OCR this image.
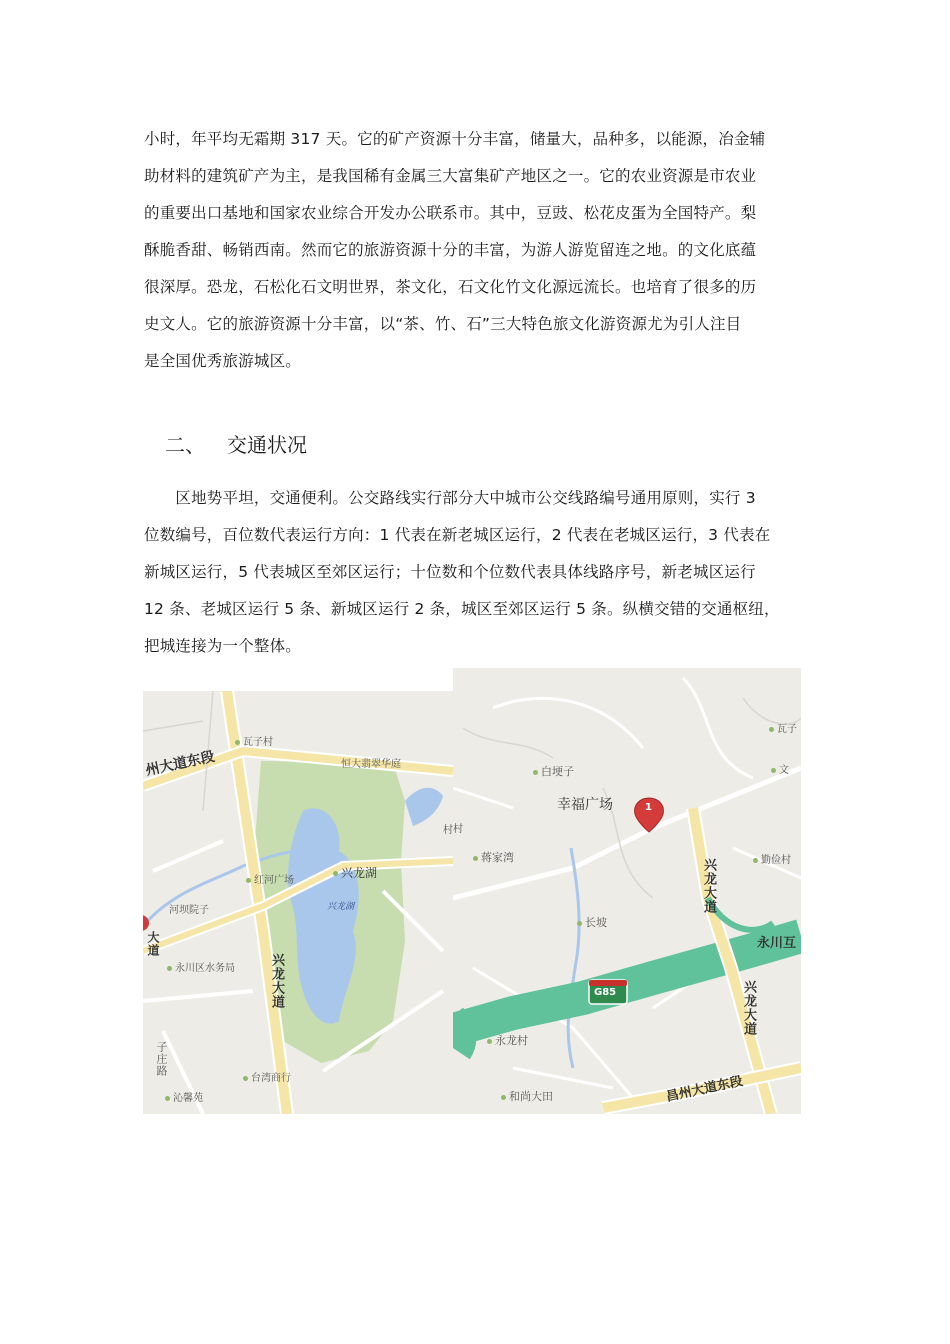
小时，年平均无霜期 317 天。它的矿产资源十分丰富，储量大，品种多，以能源，冶金辅
助材料的建筑矿产为主，是我国稀有金属三大富集矿产地区之一。它的农业资源是市农业
的重要出口基地和国家农业综合开发办公联系市。其中，豆豉、松花皮蛋为全国特产。梨
酥脆香甜、畅销西南。然而它的旅游资源十分的丰富，为游人游览留连之地。的文化底蕴
很深厚。恐龙，石松化石文明世界，茶文化，石文化竹文化源远流长。也培育了很多的历
史文人。它的旅游资源十分丰富，以“茶、竹、石”三大特色旅文化游资源尤为引人注目
是全国优秀旅游城区。
二、 交通状况
　　区地势平坦，交通便利。公交路线实行部分大中城市公交线路编号通用原则，实行 3
位数编号，百位数代表运行方向：1 代表在新老城区运行，2 代表在老城区运行，3 代表在
新城区运行，5 代表城区至郊区运行；十位数和个位数代表具体线路序号，新老城区运行
12 条、老城区运行 5 条、新城区运行 2 条，城区至郊区运行 5 条。纵横交错的交通枢纽，
把城连接为一个整体。
瓦子村
州大道东段	恒大翡翠华庭
红河广场
兴龙湖
兴龙湖
河坝院子
大道
永川区水务局	兴龙大道
子庄路
台湾商行
沁馨苑
村
瓦子
文
白埂子
幸福广场	1
村
蒋家湾	勤俭村
兴龙大道
长坡
永川互
G85	兴龙大道
永龙村
和尚大田	昌州大道东段
